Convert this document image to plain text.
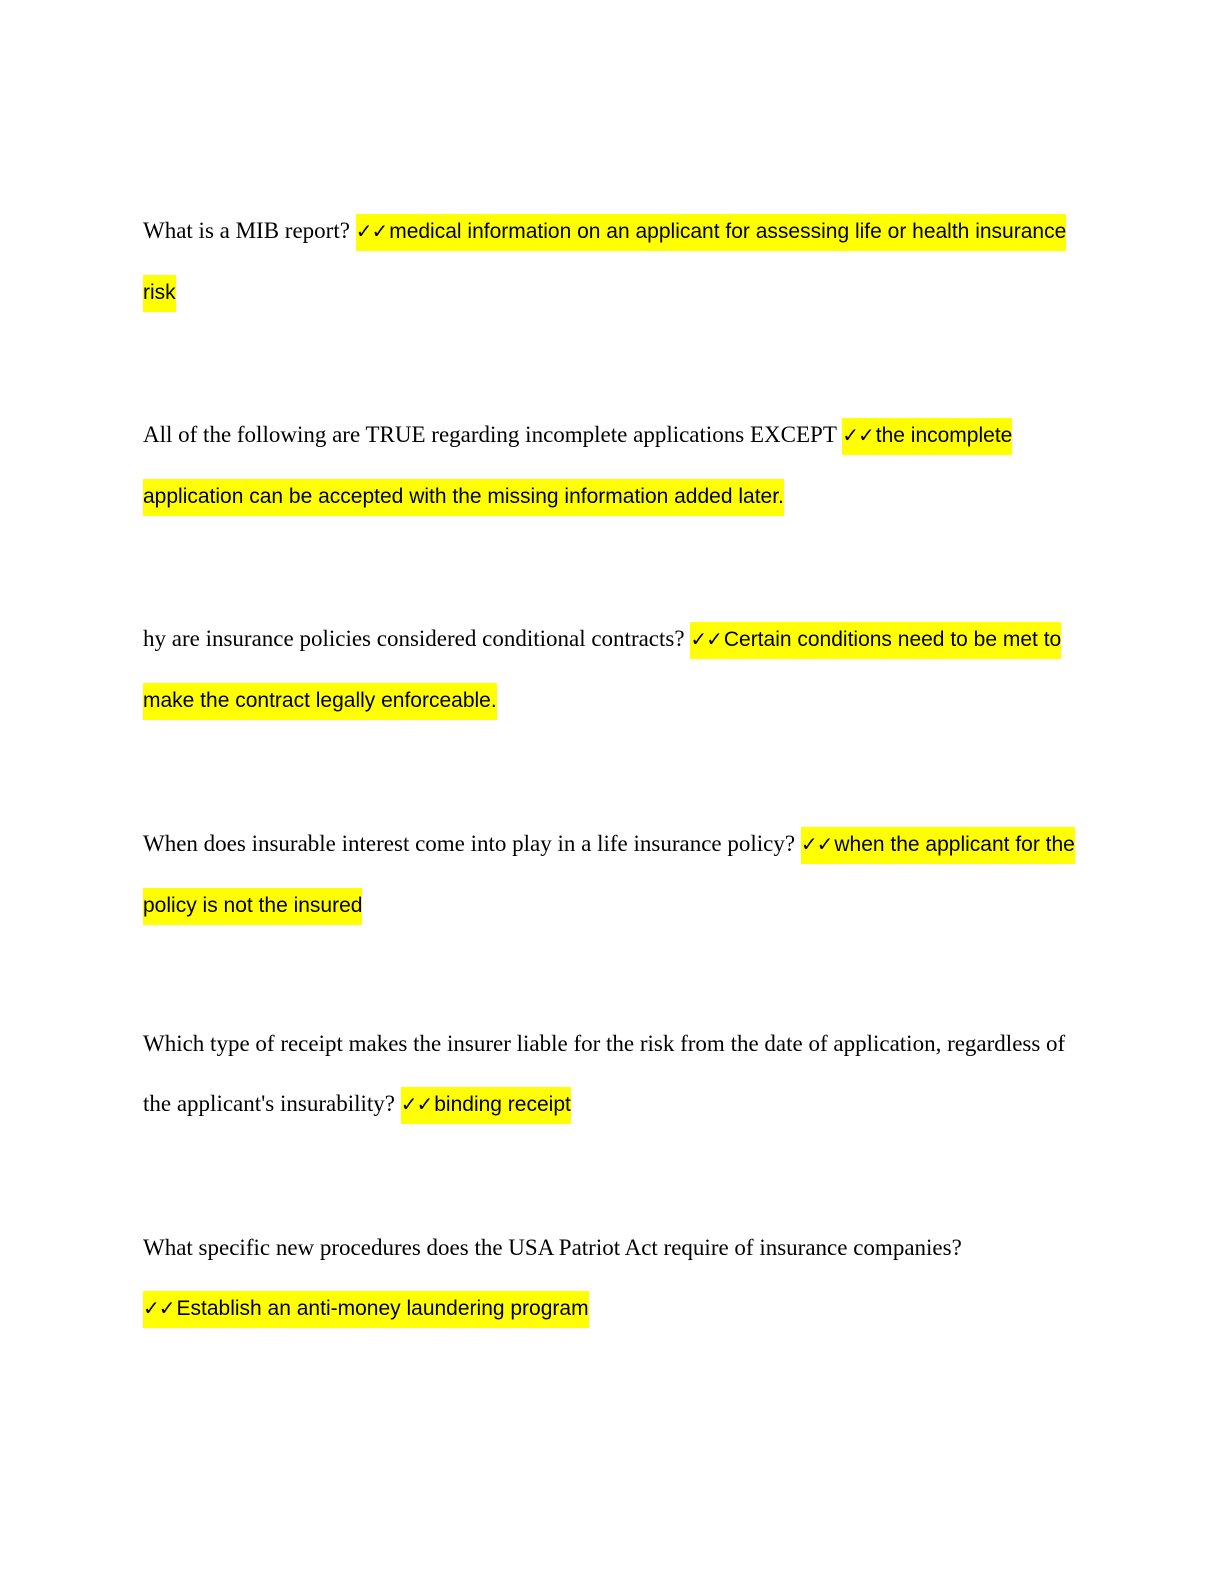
What is a MIB report? ✓✓medical information on an applicant for assessing life or health insurance risk

All of the following are TRUE regarding incomplete applications EXCEPT ✓✓the incomplete application can be accepted with the missing information added later.

hy are insurance policies considered conditional contracts? ✓✓Certain conditions need to be met to make the contract legally enforceable.

When does insurable interest come into play in a life insurance policy? ✓✓when the applicant for the policy is not the insured

Which type of receipt makes the insurer liable for the risk from the date of application, regardless of the applicant's insurability? ✓✓binding receipt

What specific new procedures does the USA Patriot Act require of insurance companies? ✓✓Establish an anti-money laundering program
